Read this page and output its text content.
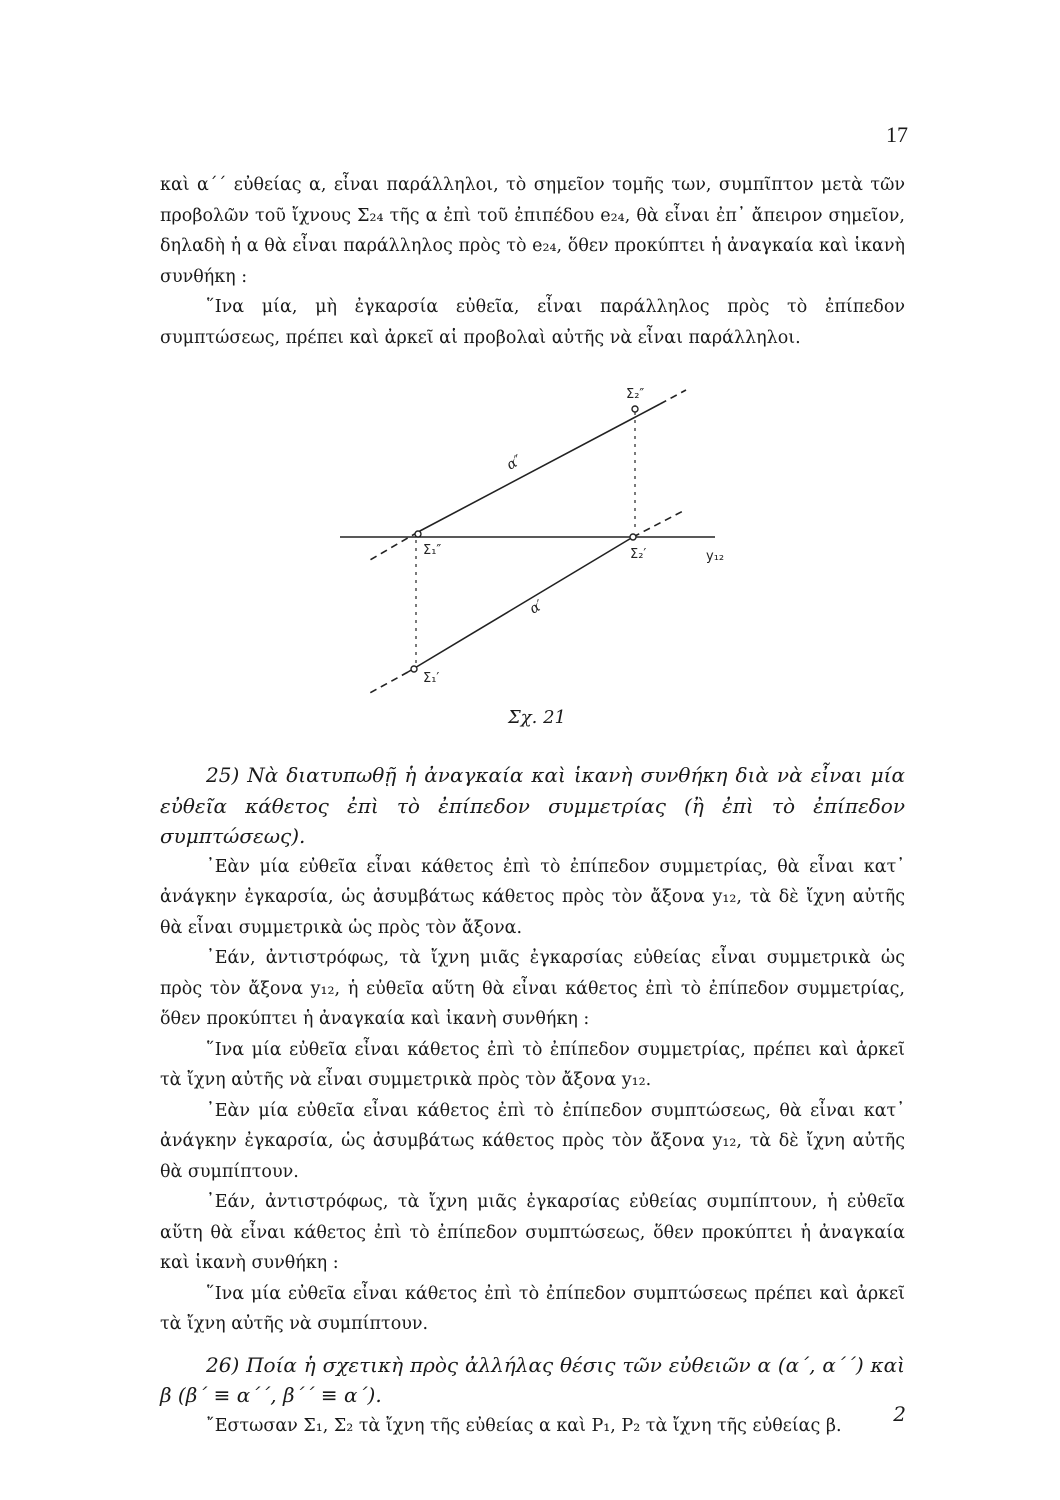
17

καὶ α΄΄ εὐθείας α, εἶναι παράλληλοι, τὸ σημεῖον τομῆς των, συμπῖπτον μετὰ τῶν προβολῶν τοῦ ἴχνους Σ₂₄ τῆς α ἐπὶ τοῦ ἐπιπέδου e₂₄, θὰ εἶναι ἐπ᾽ ἄπειρον σημεῖον, δηλαδὴ ἡ α θὰ εἶναι παράλληλος πρὸς τὸ e₂₄, ὅθεν προκύπτει ἡ ἀναγκαία καὶ ἱκανὴ συνθήκη :

῞Ινα μία, μὴ ἐγκαρσία εὐθεῖα, εἶναι παράλληλος πρὸς τὸ ἐπίπεδον συμπτώσεως, πρέπει καὶ ἀρκεῖ αἱ προβολαὶ αὐτῆς νὰ εἶναι παράλληλοι.

Σ₂″
Σ₁″	Σ₂′
Σ₁′
α″
α′
y₁₂
Σχ. 21

25) Νὰ διατυπωθῇ ἡ ἀναγκαία καὶ ἱκανὴ συνθήκη διὰ νὰ εἶναι μία εὐθεῖα κάθετος ἐπὶ τὸ ἐπίπεδον συμμετρίας (ἢ ἐπὶ τὸ ἐπίπεδον συμπτώσεως).

᾽Εὰν μία εὐθεῖα εἶναι κάθετος ἐπὶ τὸ ἐπίπεδον συμμετρίας, θὰ εἶναι κατ᾽ ἀνάγκην ἐγκαρσία, ὡς ἀσυμβάτως κάθετος πρὸς τὸν ἄξονα y₁₂, τὰ δὲ ἴχνη αὐτῆς θὰ εἶναι συμμετρικὰ ὡς πρὸς τὸν ἄξονα.

᾽Εάν, ἀντιστρόφως, τὰ ἴχνη μιᾶς ἐγκαρσίας εὐθείας εἶναι συμμετρικὰ ὡς πρὸς τὸν ἄξονα y₁₂, ἡ εὐθεῖα αὕτη θὰ εἶναι κάθετος ἐπὶ τὸ ἐπίπεδον συμμετρίας, ὅθεν προκύπτει ἡ ἀναγκαία καὶ ἱκανὴ συνθήκη :

῞Ινα μία εὐθεῖα εἶναι κάθετος ἐπὶ τὸ ἐπίπεδον συμμετρίας, πρέπει καὶ ἀρκεῖ τὰ ἴχνη αὐτῆς νὰ εἶναι συμμετρικὰ πρὸς τὸν ἄξονα y₁₂.

᾽Εὰν μία εὐθεῖα εἶναι κάθετος ἐπὶ τὸ ἐπίπεδον συμπτώσεως, θὰ εἶναι κατ᾽ ἀνάγκην ἐγκαρσία, ὡς ἀσυμβάτως κάθετος πρὸς τὸν ἄξονα y₁₂, τὰ δὲ ἴχνη αὐτῆς θὰ συμπίπτουν.

᾽Εάν, ἀντιστρόφως, τὰ ἴχνη μιᾶς ἐγκαρσίας εὐθείας συμπίπτουν, ἡ εὐθεῖα αὕτη θὰ εἶναι κάθετος ἐπὶ τὸ ἐπίπεδον συμπτώσεως, ὅθεν προκύπτει ἡ ἀναγκαία καὶ ἱκανὴ συνθήκη :

῞Ινα μία εὐθεῖα εἶναι κάθετος ἐπὶ τὸ ἐπίπεδον συμπτώσεως πρέπει καὶ ἀρκεῖ τὰ ἴχνη αὐτῆς νὰ συμπίπτουν.

26) Ποία ἡ σχετικὴ πρὸς ἀλλήλας θέσις τῶν εὐθειῶν α (α΄, α΄΄) καὶ β (β΄ ≡ α΄΄, β΄΄ ≡ α΄).

῎Εστωσαν Σ₁, Σ₂ τὰ ἴχνη τῆς εὐθείας α καὶ P₁, P₂ τὰ ἴχνη τῆς εὐθείας β.	2
